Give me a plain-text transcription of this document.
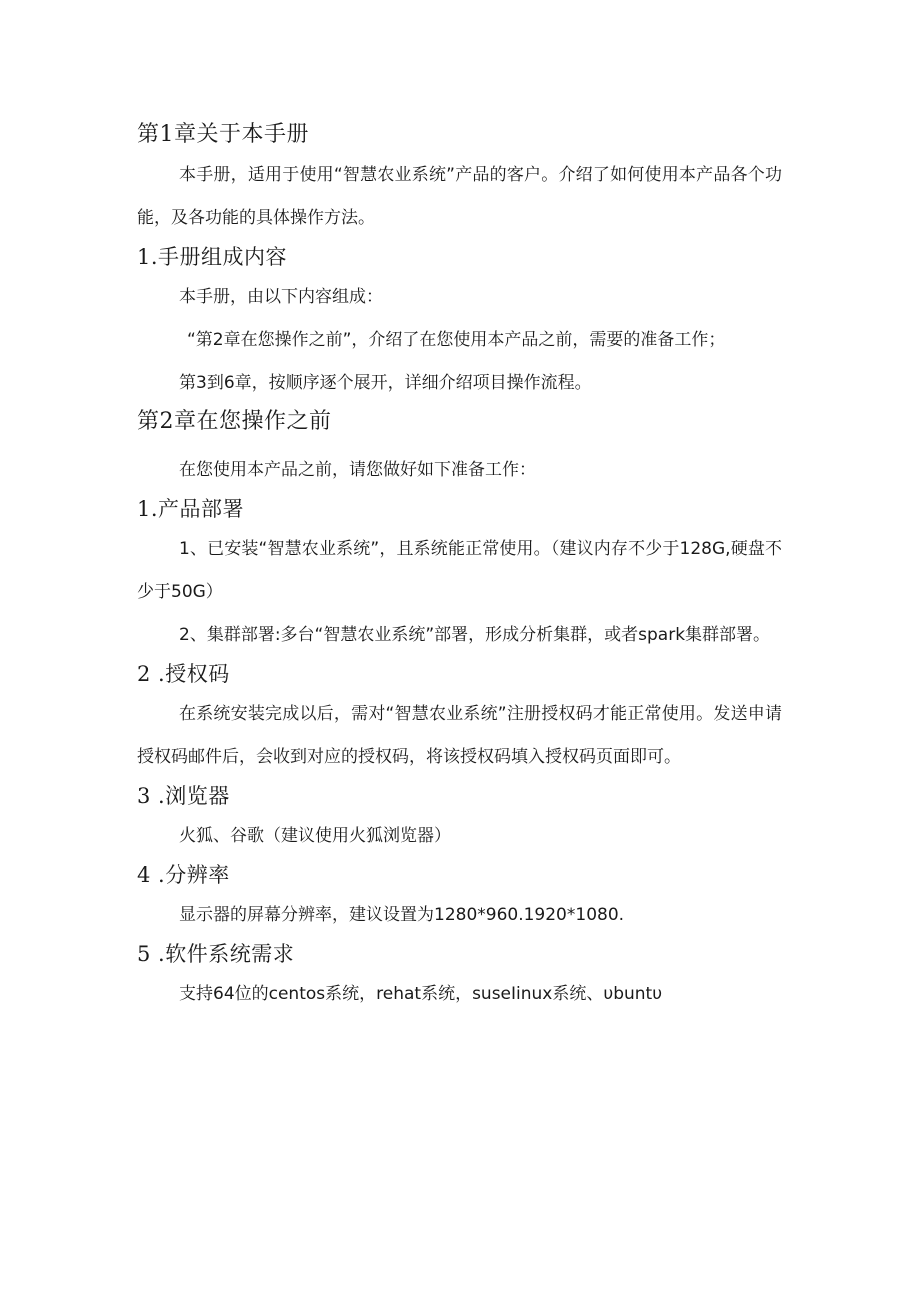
第1章关于本手册

本手册，适用于使用“智慧农业系统”产品的客户。介绍了如何使用本产品各个功能，及各功能的具体操作方法。

1.手册组成内容

本手册，由以下内容组成：

“第2章在您操作之前”，介绍了在您使用本产品之前，需要的准备工作；

第3到6章，按顺序逐个展开，详细介绍项目操作流程。

第2章在您操作之前

在您使用本产品之前，请您做好如下准备工作：

1.产品部署

1、已安装“智慧农业系统”，且系统能正常使用。（建议内存不少于128G,硬盘不少于50G）

2、集群部署:多台“智慧农业系统”部署，形成分析集群，或者spark集群部署。

2 .授权码

在系统安装完成以后，需对“智慧农业系统”注册授权码才能正常使用。发送申请授权码邮件后，会收到对应的授权码，将该授权码填入授权码页面即可。

3 .浏览器

火狐、谷歌（建议使用火狐浏览器）

4 .分辨率

显示器的屏幕分辨率，建议设置为1280*960.1920*1080.

5 .软件系统需求

支持64位的centos系统，rehat系统，suseIinux系统、υbuntυ
